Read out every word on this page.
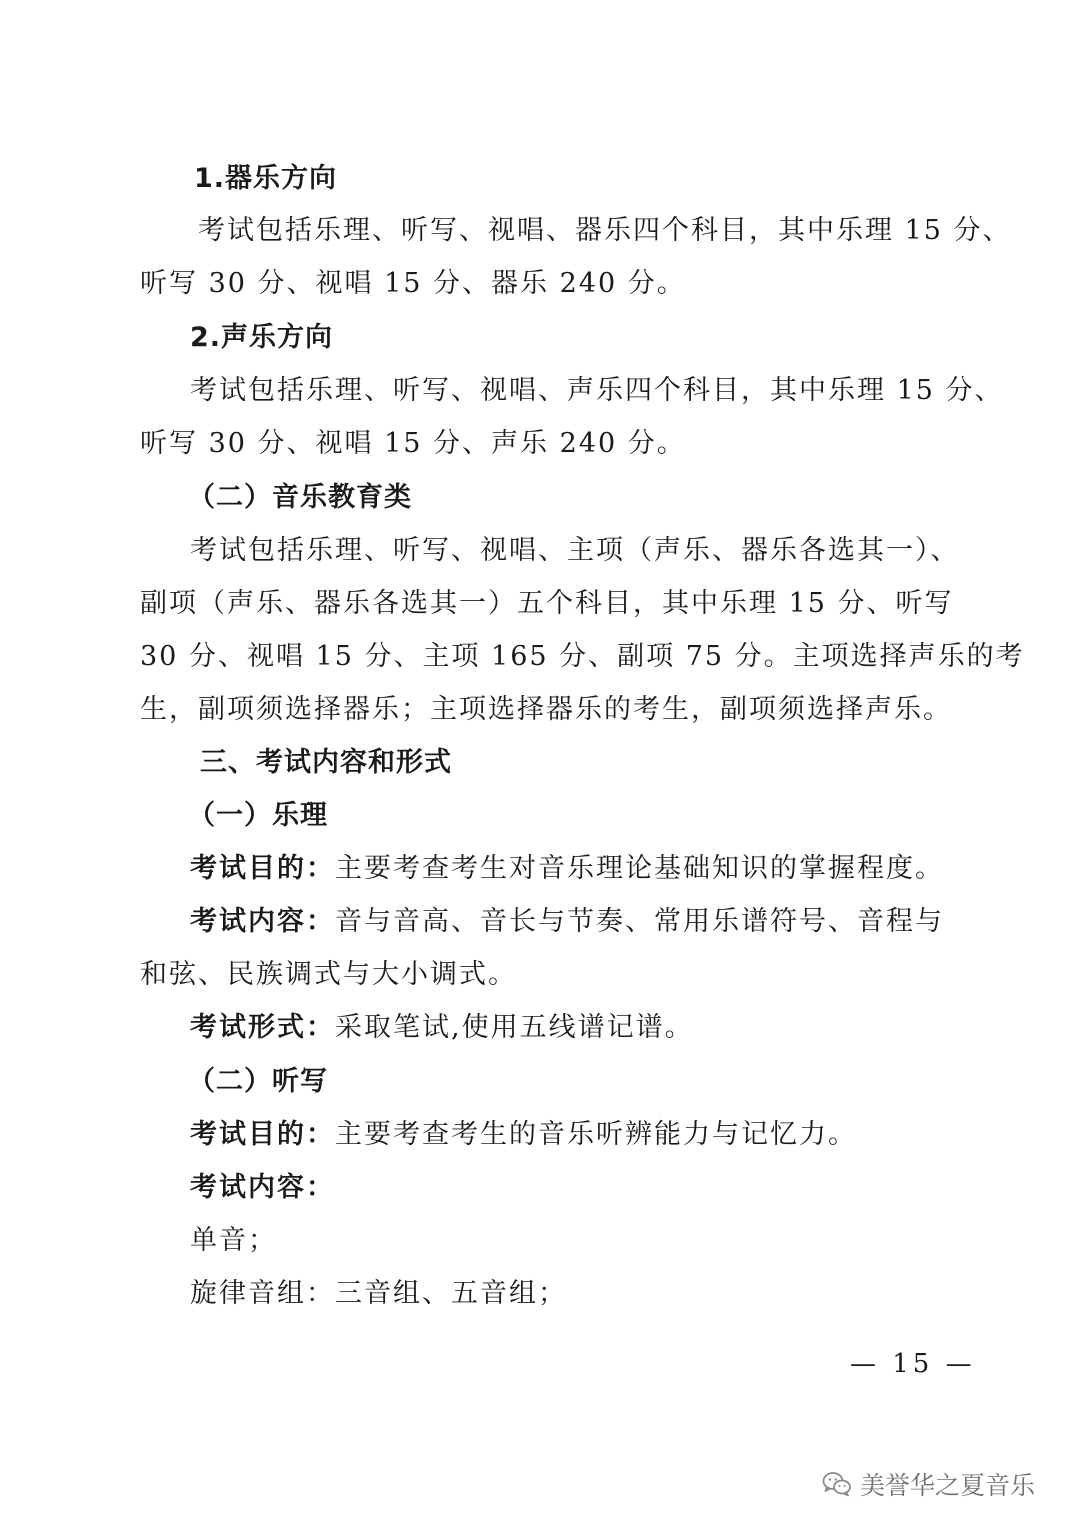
1.器乐方向
考试包括乐理、听写、视唱、器乐四个科目，其中乐理 15 分、
听写 30 分、视唱 15 分、器乐 240 分。
2.声乐方向
考试包括乐理、听写、视唱、声乐四个科目，其中乐理 15 分、
听写 30 分、视唱 15 分、声乐 240 分。
（二）音乐教育类
考试包括乐理、听写、视唱、主项（声乐、器乐各选其一）、
副项（声乐、器乐各选其一）五个科目，其中乐理 15 分、听写
30 分、视唱 15 分、主项 165 分、副项 75 分。主项选择声乐的考
生，副项须选择器乐；主项选择器乐的考生，副项须选择声乐。
三、考试内容和形式
（一）乐理
考试目的：主要考查考生对音乐理论基础知识的掌握程度。
考试内容：音与音高、音长与节奏、常用乐谱符号、音程与
和弦、民族调式与大小调式。
考试形式：采取笔试,使用五线谱记谱。
（二）听写
考试目的：主要考查考生的音乐听辨能力与记忆力。
考试内容：
单音；
旋律音组：三音组、五音组；
— 15 —
美誉华之夏音乐
